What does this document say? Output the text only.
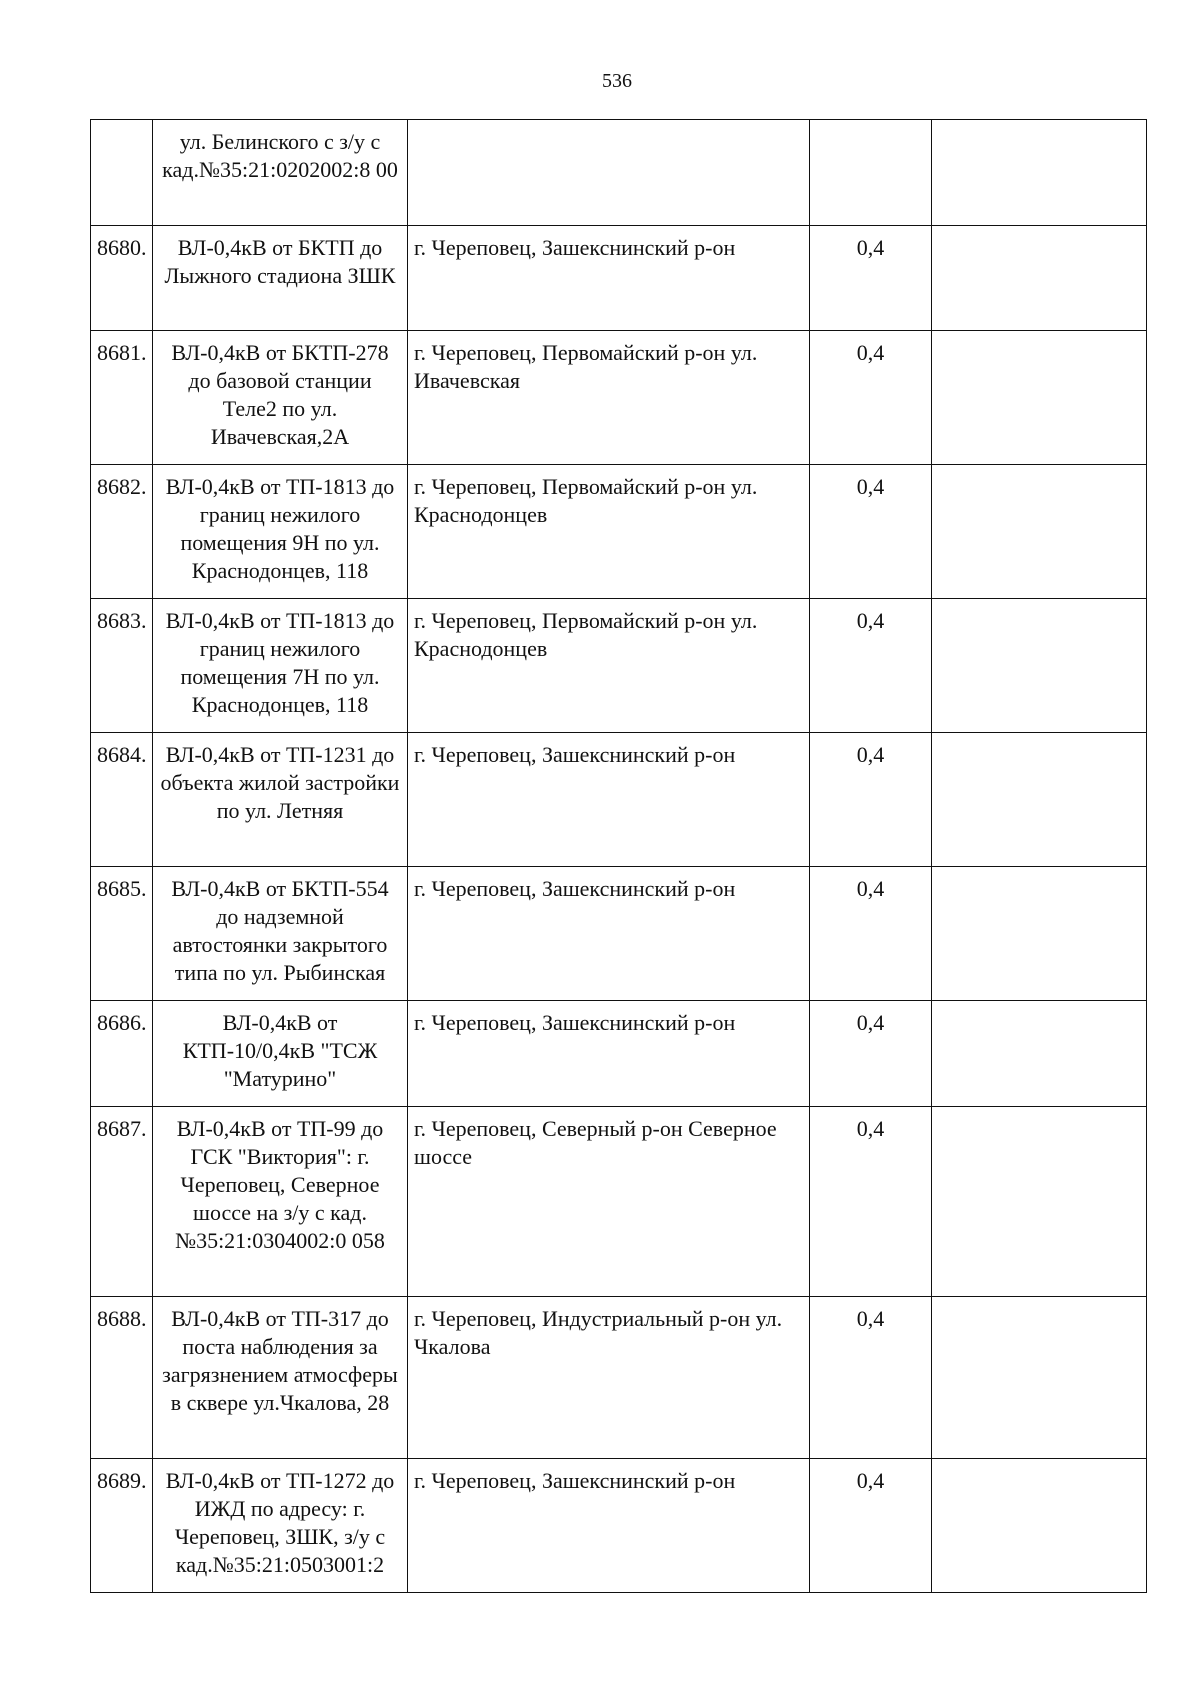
536
	ул. Белинского с з/у с кад.№35:21:0202002:8 00			
8680.	ВЛ-0,4кВ от БКТП до Лыжного стадиона ЗШК	г. Череповец, Зашекснинский р-он	0,4	
8681.	ВЛ-0,4кВ от БКТП-278 до базовой станции Теле2 по ул. Ивачевская,2А	г. Череповец, Первомайский р-он ул. Ивачевская	0,4	
8682.	ВЛ-0,4кВ от ТП-1813 до границ нежилого помещения 9Н по ул. Краснодонцев, 118	г. Череповец, Первомайский р-он ул. Краснодонцев	0,4	
8683.	ВЛ-0,4кВ от ТП-1813 до границ нежилого помещения 7Н по ул. Краснодонцев, 118	г. Череповец, Первомайский р-он ул. Краснодонцев	0,4	
8684.	ВЛ-0,4кВ от ТП-1231 до объекта жилой застройки по ул. Летняя	г. Череповец, Зашекснинский р-он	0,4	
8685.	ВЛ-0,4кВ от БКТП-554 до надземной автостоянки закрытого типа по ул. Рыбинская	г. Череповец, Зашекснинский р-он	0,4	
8686.	ВЛ-0,4кВ от КТП-10/0,4кВ "ТСЖ "Матурино"	г. Череповец, Зашекснинский р-он	0,4	
8687.	ВЛ-0,4кВ от ТП-99 до ГСК "Виктория": г. Череповец, Северное шоссе на з/у с кад.№35:21:0304002:0 058	г. Череповец, Северный р-он Северное шоссе	0,4	
8688.	ВЛ-0,4кВ от ТП-317 до поста наблюдения за загрязнением атмосферы в сквере ул.Чкалова, 28	г. Череповец, Индустриальный р-он ул. Чкалова	0,4	
8689.	ВЛ-0,4кВ от ТП-1272 до ИЖД по адресу: г. Череповец, ЗШК, з/у с кад.№35:21:0503001:2	г. Череповец, Зашекснинский р-он	0,4	
